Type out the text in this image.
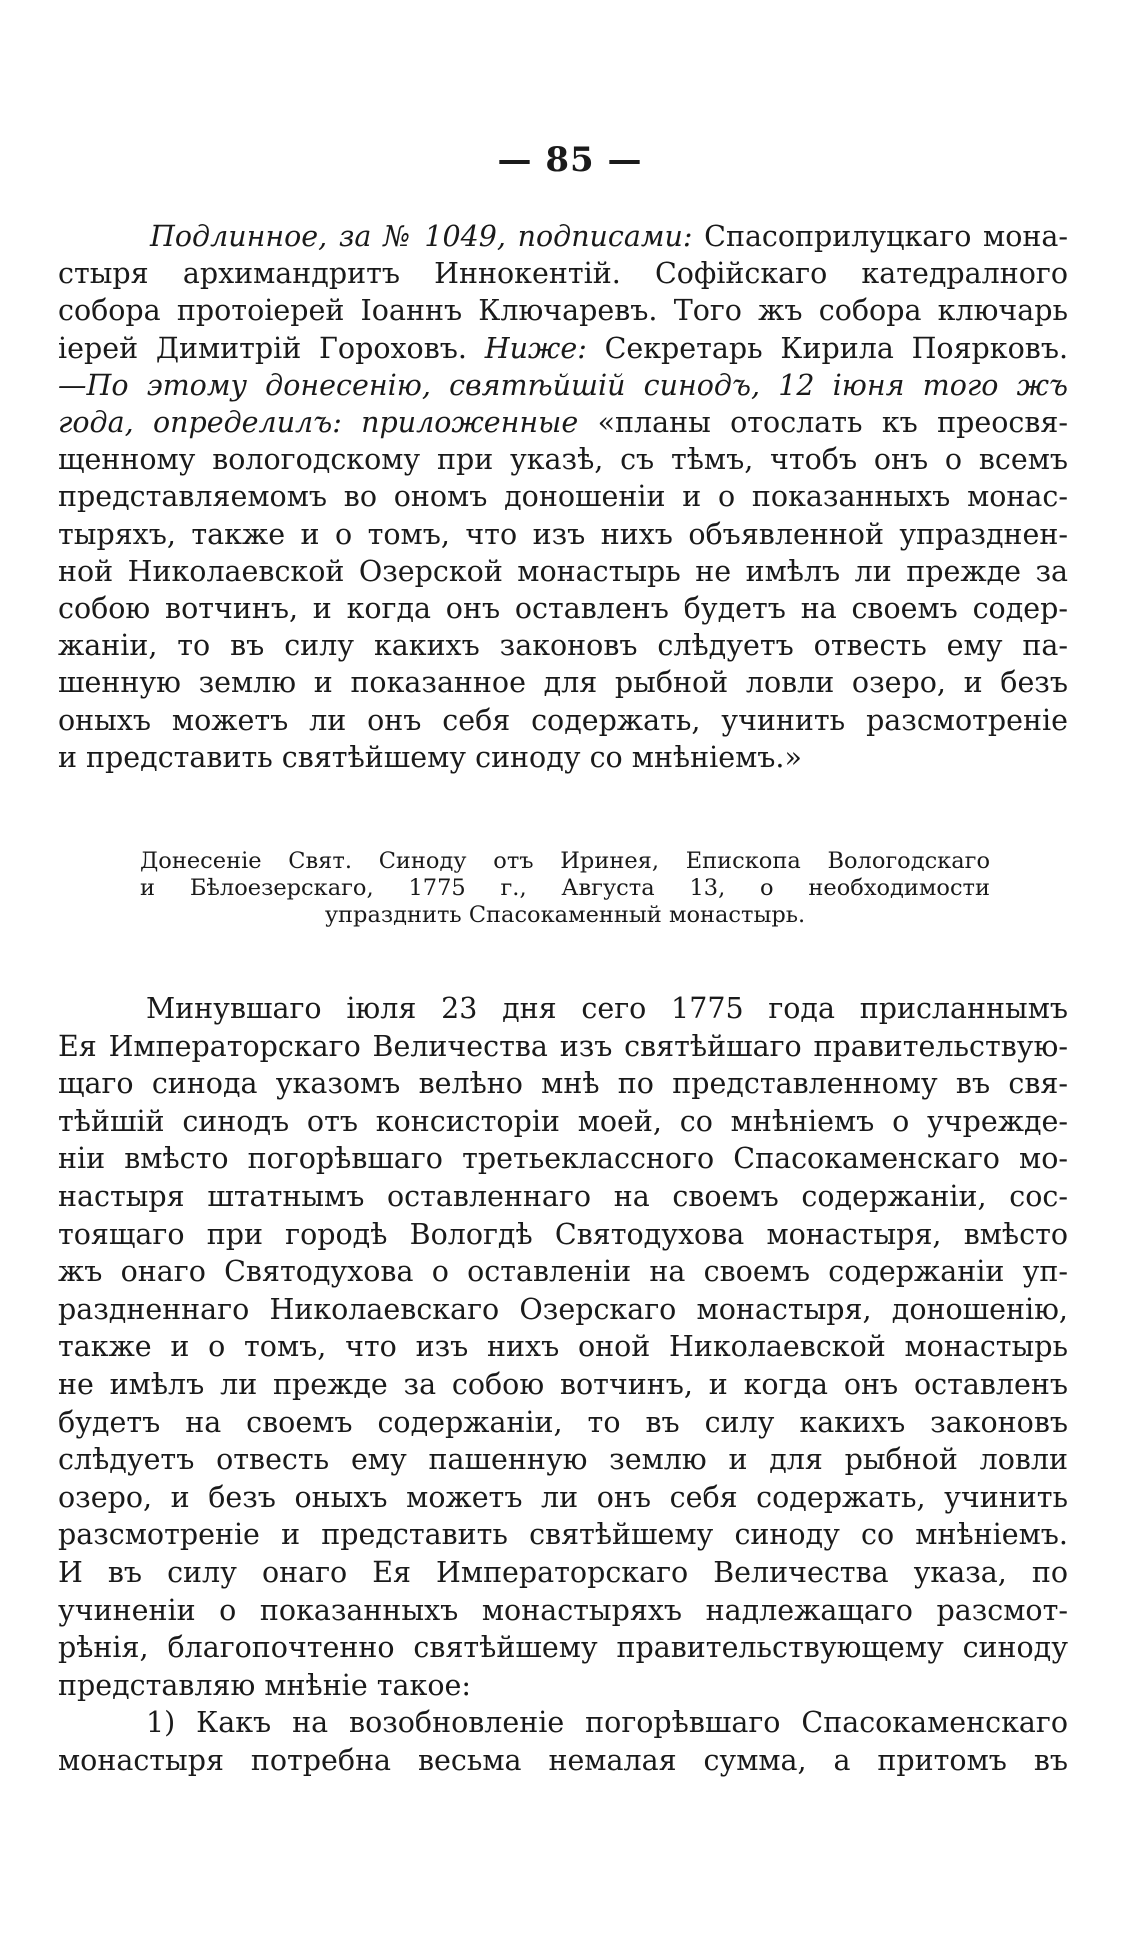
— 85 —
Подлинное, за № 1049, подписами: Спасоприлуцкаго мона-
стыря архимандритъ Иннокентій. Софійскаго катедралного
собора протоіерей Іоаннъ Ключаревъ. Того жъ собора ключарь
іерей Димитрій Гороховъ. Ниже: Секретарь Кирила Поярковъ.
—По этому донесенію, святѣйшій синодъ, 12 іюня того жъ
года, определилъ: приложенные «планы отослать къ преосвя-
щенному вологодскому при указѣ, съ тѣмъ, чтобъ онъ о всемъ
представляемомъ во ономъ доношеніи и о показанныхъ монас-
тыряхъ, также и о томъ, что изъ нихъ объявленной упразднен-
ной Николаевской Озерской монастырь не имѣлъ ли прежде за
собою вотчинъ, и когда онъ оставленъ будетъ на своемъ содер-
жаніи, то въ силу какихъ законовъ слѣдуетъ отвесть ему па-
шенную землю и показанное для рыбной ловли озеро, и безъ
оныхъ можетъ ли онъ себя содержать, учинить разсмотреніе
и представить святѣйшему синоду со мнѣніемъ.»
Донесеніе Свят. Синоду отъ Иринея, Епископа Вологодскаго
и Бѣлоезерскаго, 1775 г., Августа 13, о необходимости
упразднить Спасокаменный монастырь.
Минувшаго іюля 23 дня сего 1775 года присланнымъ
Ея Императорскаго Величества изъ святѣйшаго правительствую-
щаго синода указомъ велѣно мнѣ по представленному въ свя-
тѣйшій синодъ отъ консисторіи моей, со мнѣніемъ о учрежде-
ніи вмѣсто погорѣвшаго третьеклассного Спасокаменскаго мо-
настыря штатнымъ оставленнаго на своемъ содержаніи, сос-
тоящаго при городѣ Вологдѣ Святодухова монастыря, вмѣсто
жъ онаго Святодухова о оставленіи на своемъ содержаніи уп-
раздненнаго Николаевскаго Озерскаго монастыря, доношенію,
также и о томъ, что изъ нихъ оной Николаевской монастырь
не имѣлъ ли прежде за собою вотчинъ, и когда онъ оставленъ
будетъ на своемъ содержаніи, то въ силу какихъ законовъ
слѣдуетъ отвесть ему пашенную землю и для рыбной ловли
озеро, и безъ оныхъ можетъ ли онъ себя содержать, учинить
разсмотреніе и представить святѣйшему синоду со мнѣніемъ.
И въ силу онаго Ея Императорскаго Величества указа, по
учиненіи о показанныхъ монастыряхъ надлежащаго разсмот-
рѣнія, благопочтенно святѣйшему правительствующему синоду
представляю мнѣніе такое:
1) Какъ на возобновленіе погорѣвшаго Спасокаменскаго
монастыря потребна весьма немалая сумма, а притомъ въ
